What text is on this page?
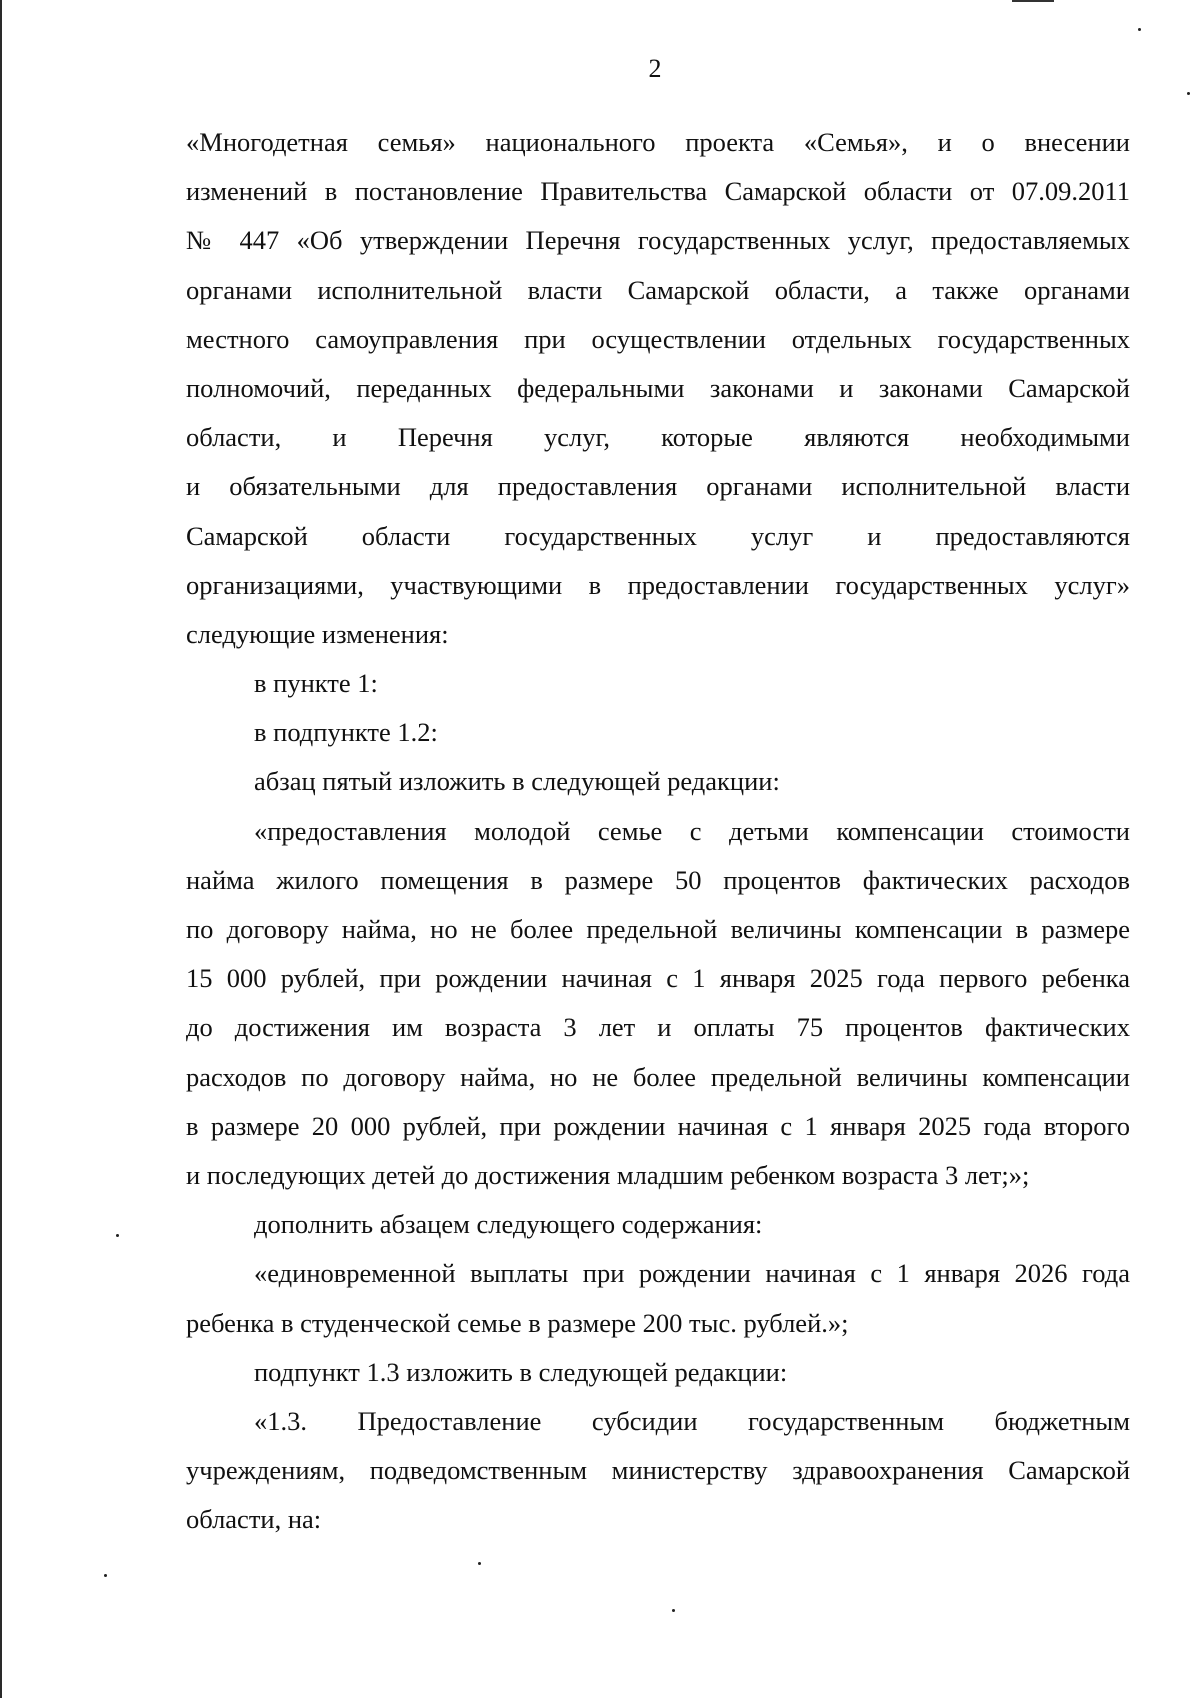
2
«Многодетная семья» национального проекта «Семья», и о внесении
изменений в постановление Правительства Самарской области от 07.09.2011
№ 447 «Об утверждении Перечня государственных услуг, предоставляемых
органами исполнительной власти Самарской области, а также органами
местного самоуправления при осуществлении отдельных государственных
полномочий, переданных федеральными законами и законами Самарской
области, и Перечня услуг, которые являются необходимыми
и обязательными для предоставления органами исполнительной власти
Самарской области государственных услуг и предоставляются
организациями, участвующими в предоставлении государственных услуг»
следующие изменения:
в пункте 1:
в подпункте 1.2:
абзац пятый изложить в следующей редакции:
«предоставления молодой семье с детьми компенсации стоимости
найма жилого помещения в размере 50 процентов фактических расходов
по договору найма, но не более предельной величины компенсации в размере
15 000 рублей, при рождении начиная с 1 января 2025 года первого ребенка
до достижения им возраста 3 лет и оплаты 75 процентов фактических
расходов по договору найма, но не более предельной величины компенсации
в размере 20 000 рублей, при рождении начиная с 1 января 2025 года второго
и последующих детей до достижения младшим ребенком возраста 3 лет;»;
дополнить абзацем следующего содержания:
«единовременной выплаты при рождении начиная с 1 января 2026 года
ребенка в студенческой семье в размере 200 тыс. рублей.»;
подпункт 1.3 изложить в следующей редакции:
«1.3. Предоставление субсидии государственным бюджетным
учреждениям, подведомственным министерству здравоохранения Самарской
области, на:
